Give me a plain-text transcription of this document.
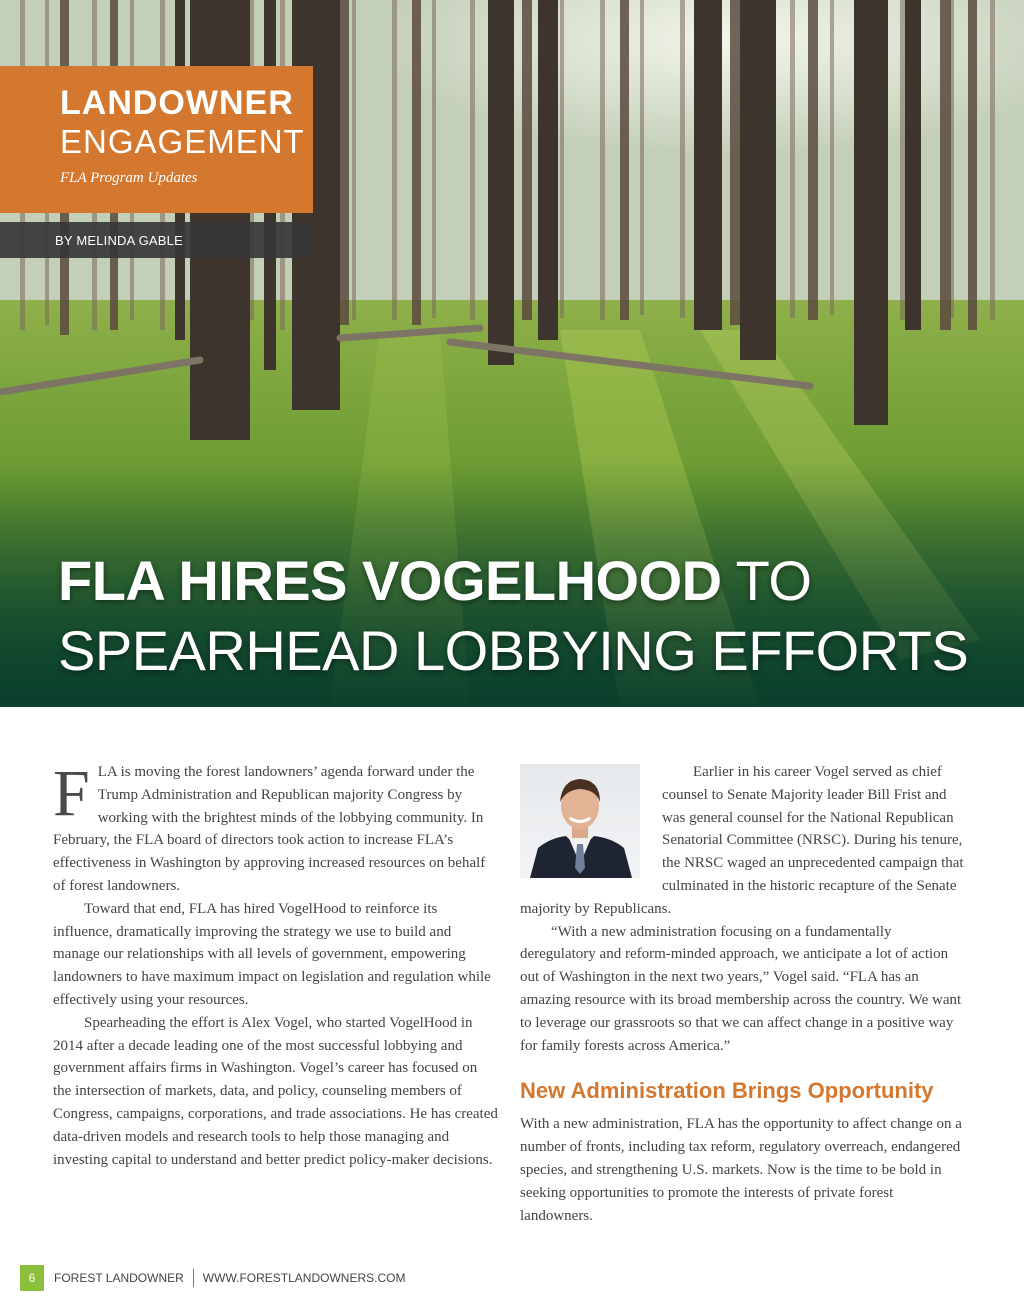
LANDOWNER
ENGAGEMENT
FLA Program Updates
BY MELINDA GABLE
FLA HIRES VOGELHOOD TO
SPEARHEAD LOBBYING EFFORTS

FLA is moving the forest landowners’ agenda forward under the Trump Administration and Republican majority Congress by working with the brightest minds of the lobbying community. In February, the FLA board of directors took action to increase FLA’s effectiveness in Washington by approving increased resources on behalf of forest landowners.

Toward that end, FLA has hired VogelHood to reinforce its influence, dramatically improving the strategy we use to build and manage our relationships with all levels of government, empowering landowners to have maximum impact on legislation and regulation while effectively using your resources.

Spearheading the effort is Alex Vogel, who started VogelHood in 2014 after a decade leading one of the most successful lobbying and government affairs firms in Washington. Vogel’s career has focused on the intersection of markets, data, and policy, counseling members of Congress, campaigns, corporations, and trade associations. He has created data-driven models and research tools to help those managing and investing capital to understand and better predict policy-maker decisions.

Earlier in his career Vogel served as chief counsel to Senate Majority leader Bill Frist and was general counsel for the National Republican Senatorial Committee (NRSC). During his tenure, the NRSC waged an unprecedented campaign that culminated in the historic recapture of the Senate majority by Republicans.

“With a new administration focusing on a fundamentally deregulatory and reform-minded approach, we anticipate a lot of action out of Washington in the next two years,” Vogel said. “FLA has an amazing resource with its broad membership across the country. We want to leverage our grassroots so that we can affect change in a positive way for family forests across America.”

New Administration Brings Opportunity

With a new administration, FLA has the opportunity to affect change on a number of fronts, including tax reform, regulatory overreach, endangered species, and strengthening U.S. markets. Now is the time to be bold in seeking opportunities to promote the interests of private forest landowners.

6	FOREST LANDOWNER WWW.FORESTLANDOWNERS.COM
